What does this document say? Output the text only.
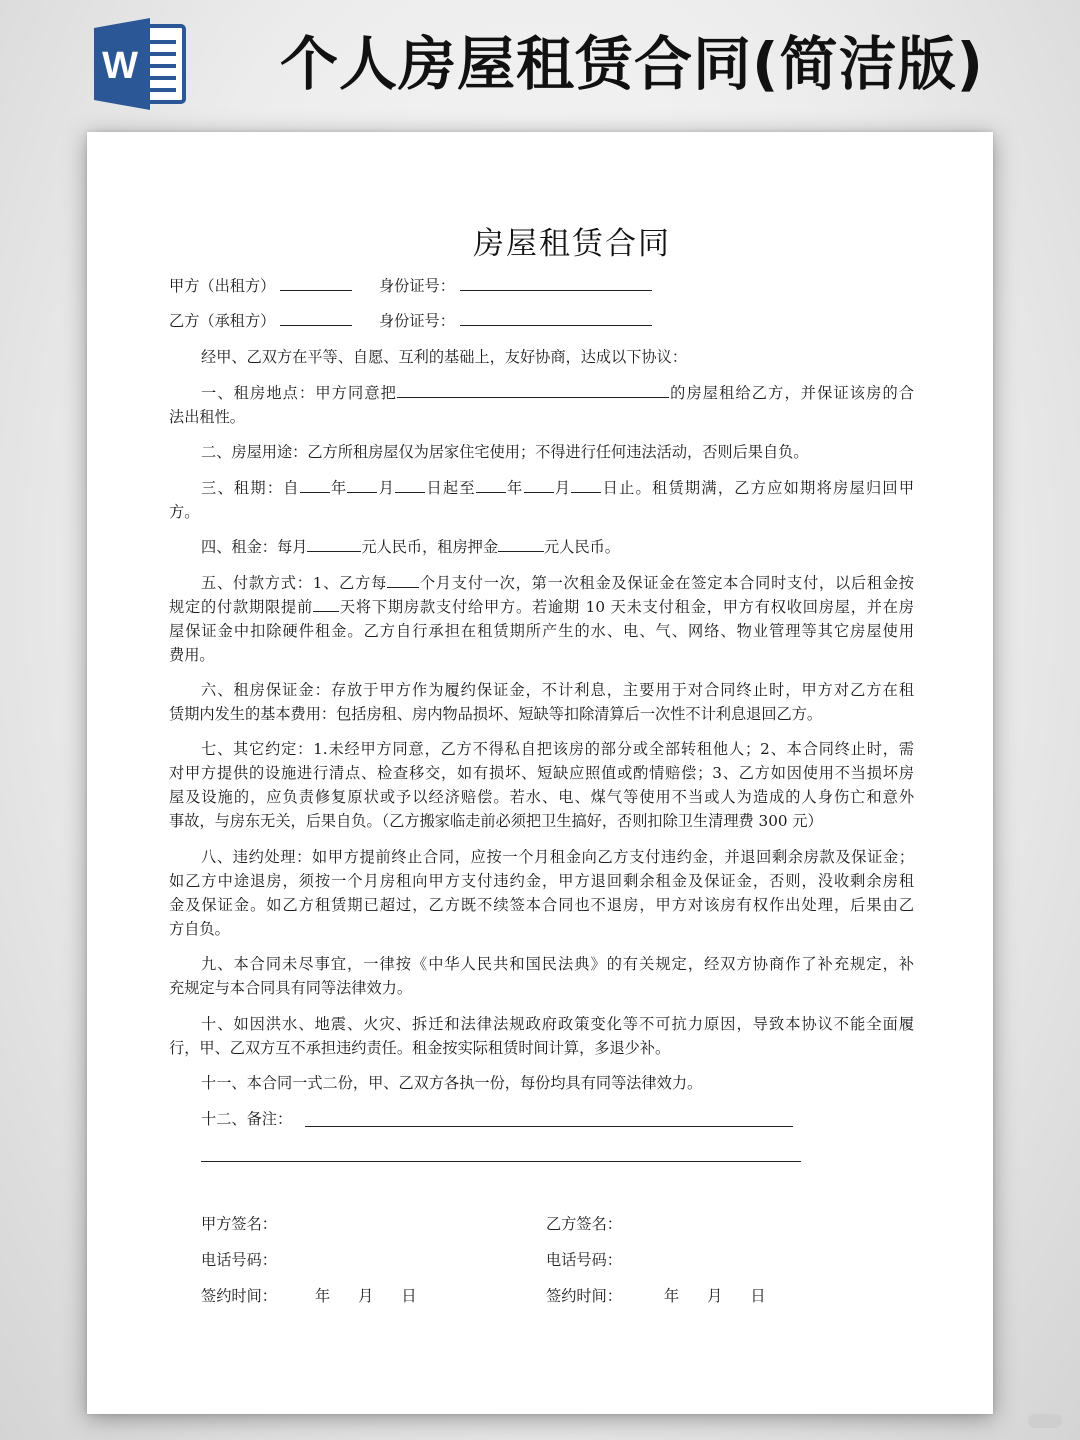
W 个人房屋租赁合同(简洁版)
房屋租赁合同
甲方（出租方）	身份证号：
乙方（承租方）	身份证号：
经甲、乙双方在平等、自愿、互利的基础上，友好协商，达成以下协议：
一、租房地点：甲方同意把	的房屋租给乙方，并保证该房的合
法出租性。
二、房屋用途：乙方所租房屋仅为居家住宅使用；不得进行任何违法活动，否则后果自负。
三、租期：自 年 月 日起至 年 月 日止。租赁期满，乙方应如期将房屋归回甲
方。
四、租金：每月	元人民币，租房押金	元人民币。
五、付款方式：1、乙方每 个月支付一次，第一次租金及保证金在签定本合同时支付，以后租金按
规定的付款期限提前 天将下期房款支付给甲方。若逾期 10 天未支付租金，甲方有权收回房屋，并在房
屋保证金中扣除硬件租金。乙方自行承担在租赁期所产生的水、电、气、网络、物业管理等其它房屋使用
费用。
六、租房保证金：存放于甲方作为履约保证金，不计利息，主要用于对合同终止时，甲方对乙方在租
赁期内发生的基本费用：包括房租、房内物品损坏、短缺等扣除清算后一次性不计利息退回乙方。
七、其它约定：1.未经甲方同意，乙方不得私自把该房的部分或全部转租他人；2、本合同终止时，需
对甲方提供的设施进行清点、检查移交，如有损坏、短缺应照值或酌情赔偿；3、乙方如因使用不当损坏房
屋及设施的，应负责修复原状或予以经济赔偿。若水、电、煤气等使用不当或人为造成的人身伤亡和意外
事故，与房东无关，后果自负。（乙方搬家临走前必须把卫生搞好，否则扣除卫生清理费 300 元）
八、违约处理：如甲方提前终止合同，应按一个月租金向乙方支付违约金，并退回剩余房款及保证金；
如乙方中途退房，须按一个月房租向甲方支付违约金，甲方退回剩余租金及保证金，否则，没收剩余房租
金及保证金。如乙方租赁期已超过，乙方既不续签本合同也不退房，甲方对该房有权作出处理，后果由乙
方自负。
九、本合同未尽事宜，一律按《中华人民共和国民法典》的有关规定，经双方协商作了补充规定，补
充规定与本合同具有同等法律效力。
十、如因洪水、地震、火灾、拆迁和法律法规政府政策变化等不可抗力原因，导致本协议不能全面履
行，甲、乙双方互不承担违约责任。租金按实际租赁时间计算，多退少补。
十一、本合同一式二份，甲、乙双方各执一份，每份均具有同等法律效力。
十二、备注：
甲方签名：	乙方签名：
电话号码：	电话号码：
签约时间：	年 月 日	签约时间：	年 月 日
